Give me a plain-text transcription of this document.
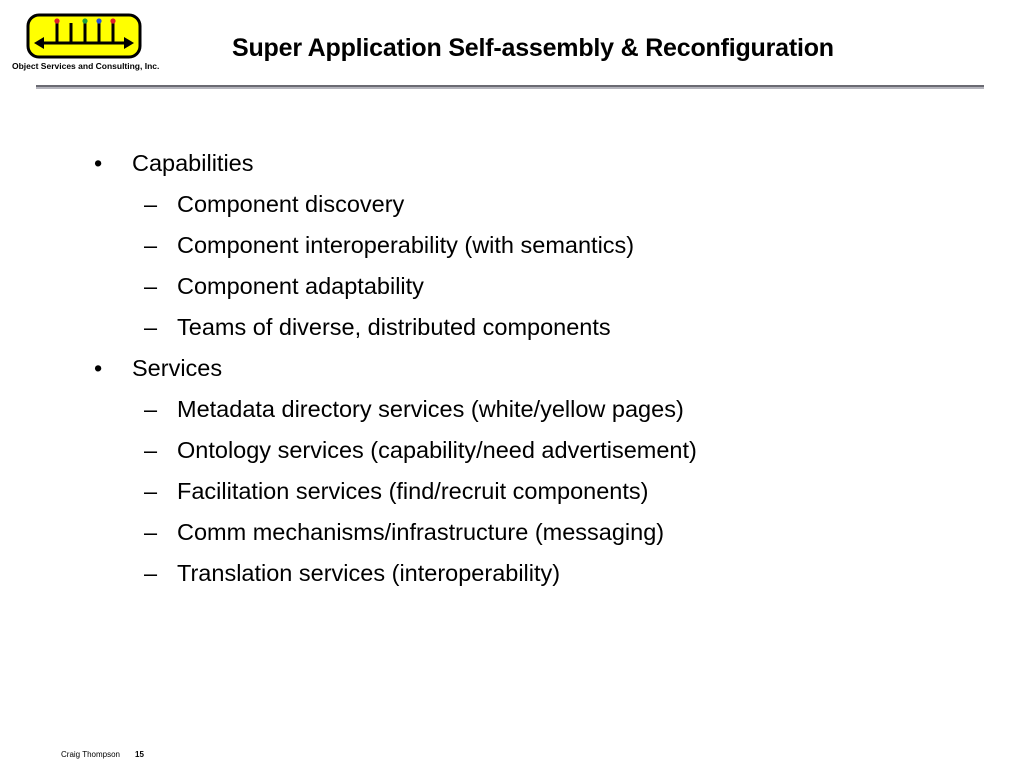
Object Services and Consulting, Inc.
Super Application Self-assembly & Reconfiguration
• Capabilities
– Component discovery
– Component interoperability (with semantics)
– Component adaptability
– Teams of diverse, distributed components
• Services
– Metadata directory services (white/yellow pages)
– Ontology services (capability/need advertisement)
– Facilitation services (find/recruit components)
– Comm mechanisms/infrastructure (messaging)
– Translation services (interoperability)
Craig Thompson 15
